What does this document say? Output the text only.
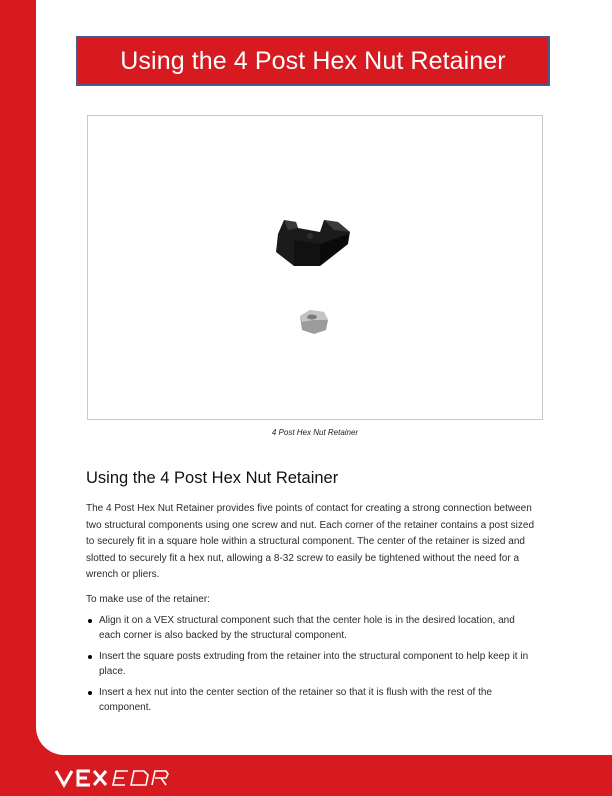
Using the 4 Post Hex Nut Retainer
4 Post Hex Nut Retainer
Using the 4 Post Hex Nut Retainer
The 4 Post Hex Nut Retainer provides five points of contact for creating a strong connection between two structural components using one screw and nut. Each corner of the retainer contains a post sized to securely fit in a square hole within a structural component. The center of the retainer is sized and slotted to securely fit a hex nut, allowing a 8-32 screw to easily be tightened without the need for a wrench or pliers.
To make use of the retainer:
Align it on a VEX structural component such that the center hole is in the desired location, and each corner is also backed by the structural component.
Insert the square posts extruding from the retainer into the structural component to help keep it in place.
Insert a hex nut into the center section of the retainer so that it is flush with the rest of the component.
